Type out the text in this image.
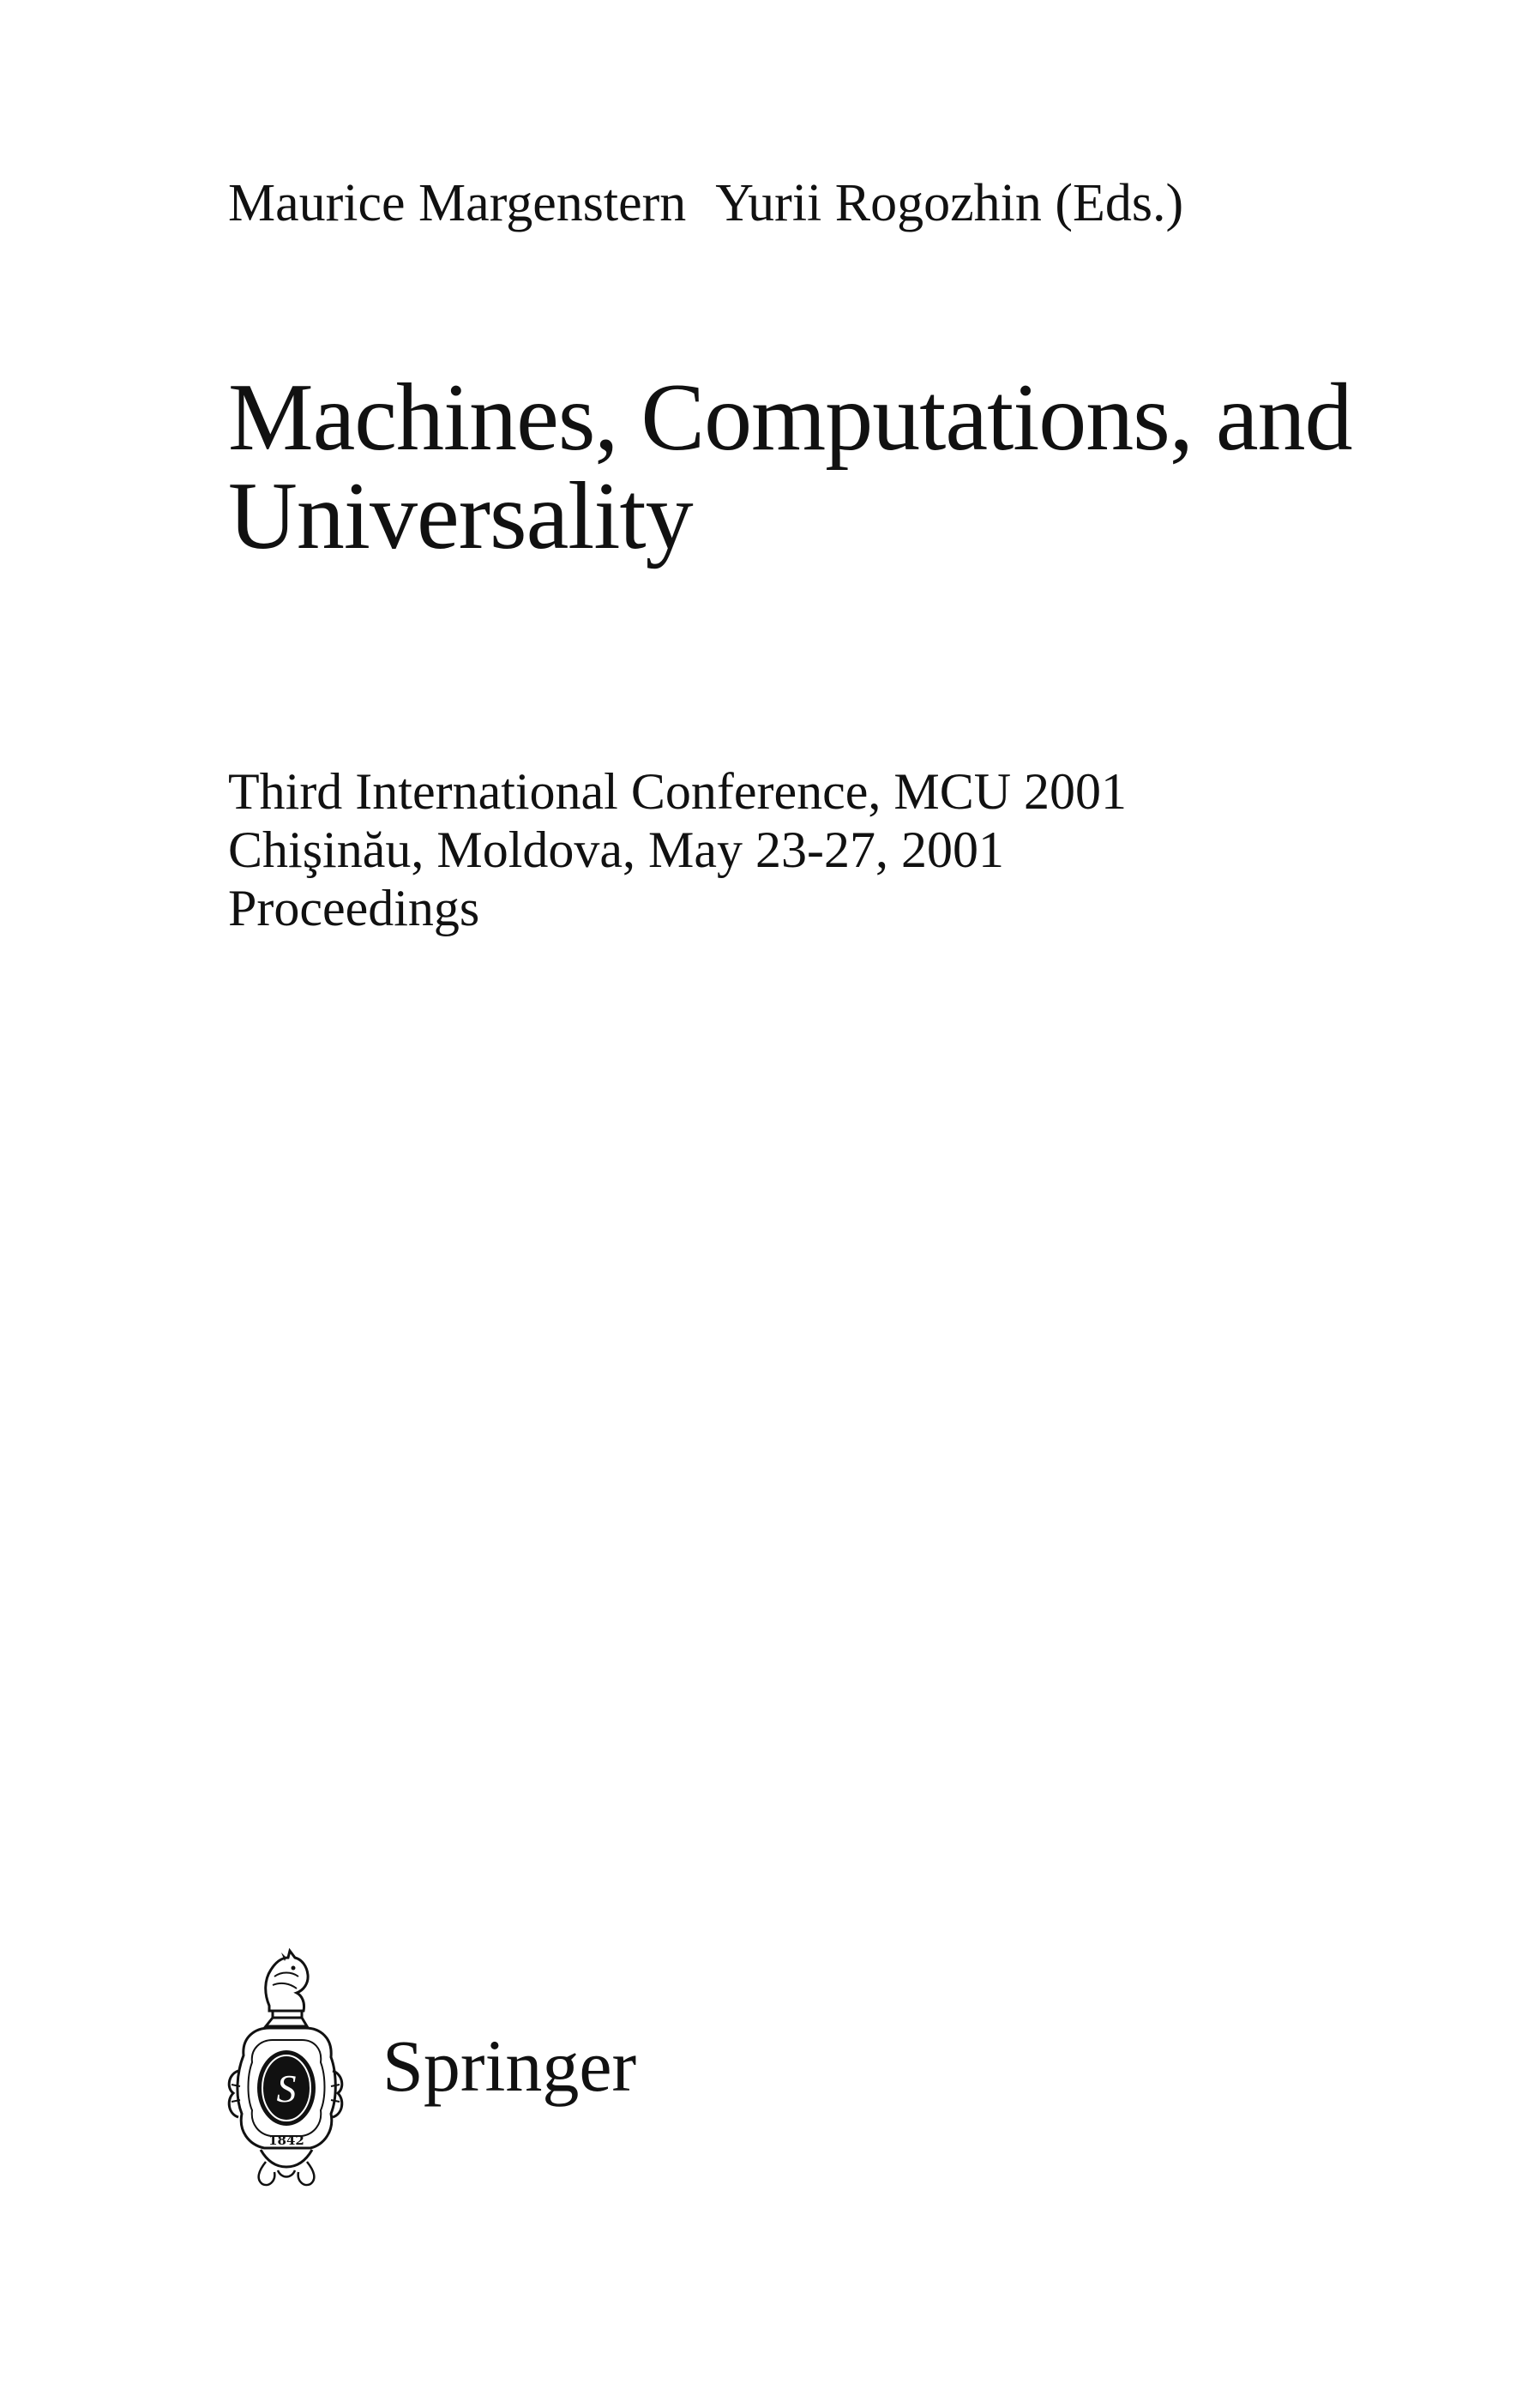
Maurice Margenstern Yurii Rogozhin (Eds.)
Machines, Computations, and
Universality
Third International Conference, MCU 2001
Chişinău, Moldova, May 23-27, 2001
Proceedings
S
1842
Springer
